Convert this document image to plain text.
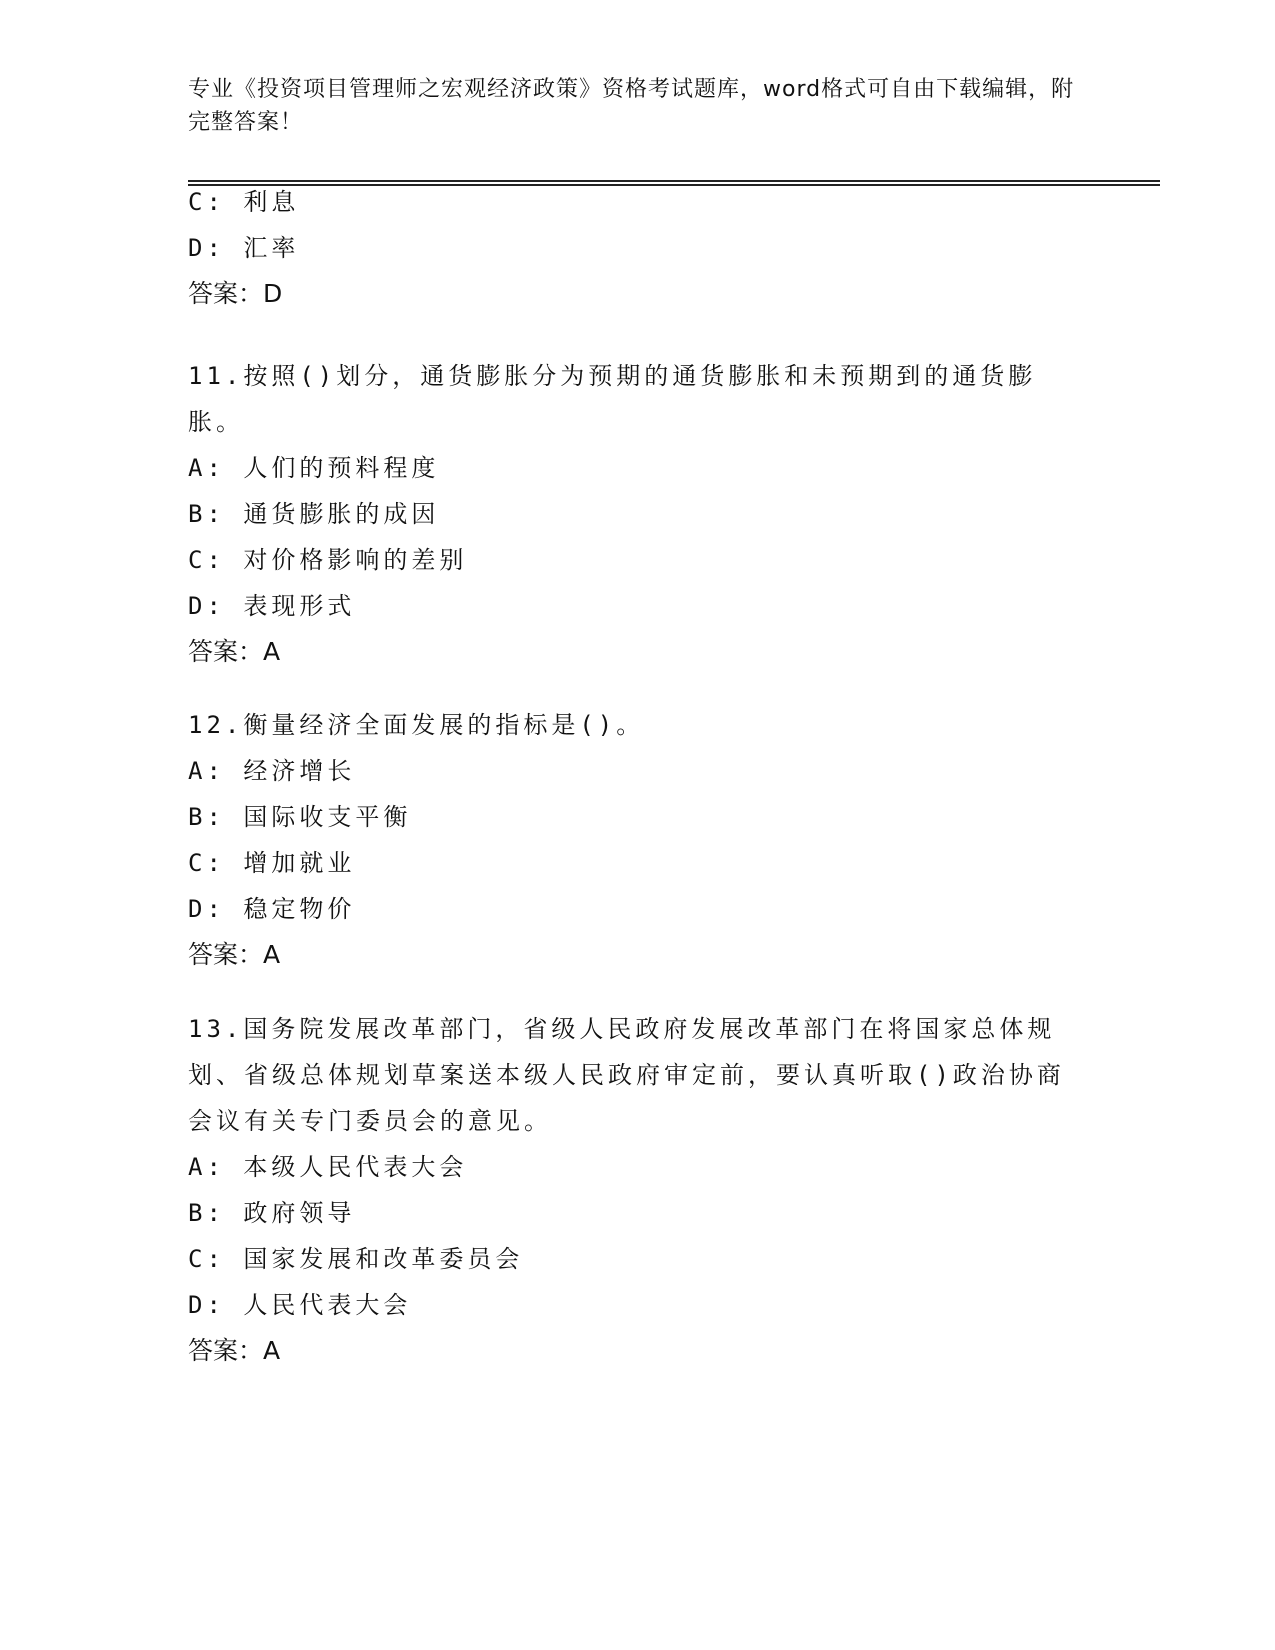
专业《投资项目管理师之宏观经济政策》资格考试题库，word格式可自由下载编辑，附完整答案！
C: 利息
D: 汇率
答案：D
11.按照()划分，通货膨胀分为预期的通货膨胀和未预期到的通货膨胀。
A: 人们的预料程度
B: 通货膨胀的成因
C: 对价格影响的差别
D: 表现形式
答案：A
12.衡量经济全面发展的指标是()。
A: 经济增长
B: 国际收支平衡
C: 增加就业
D: 稳定物价
答案：A
13.国务院发展改革部门，省级人民政府发展改革部门在将国家总体规划、省级总体规划草案送本级人民政府审定前，要认真听取()政治协商会议有关专门委员会的意见。
A: 本级人民代表大会
B: 政府领导
C: 国家发展和改革委员会
D: 人民代表大会
答案：A
